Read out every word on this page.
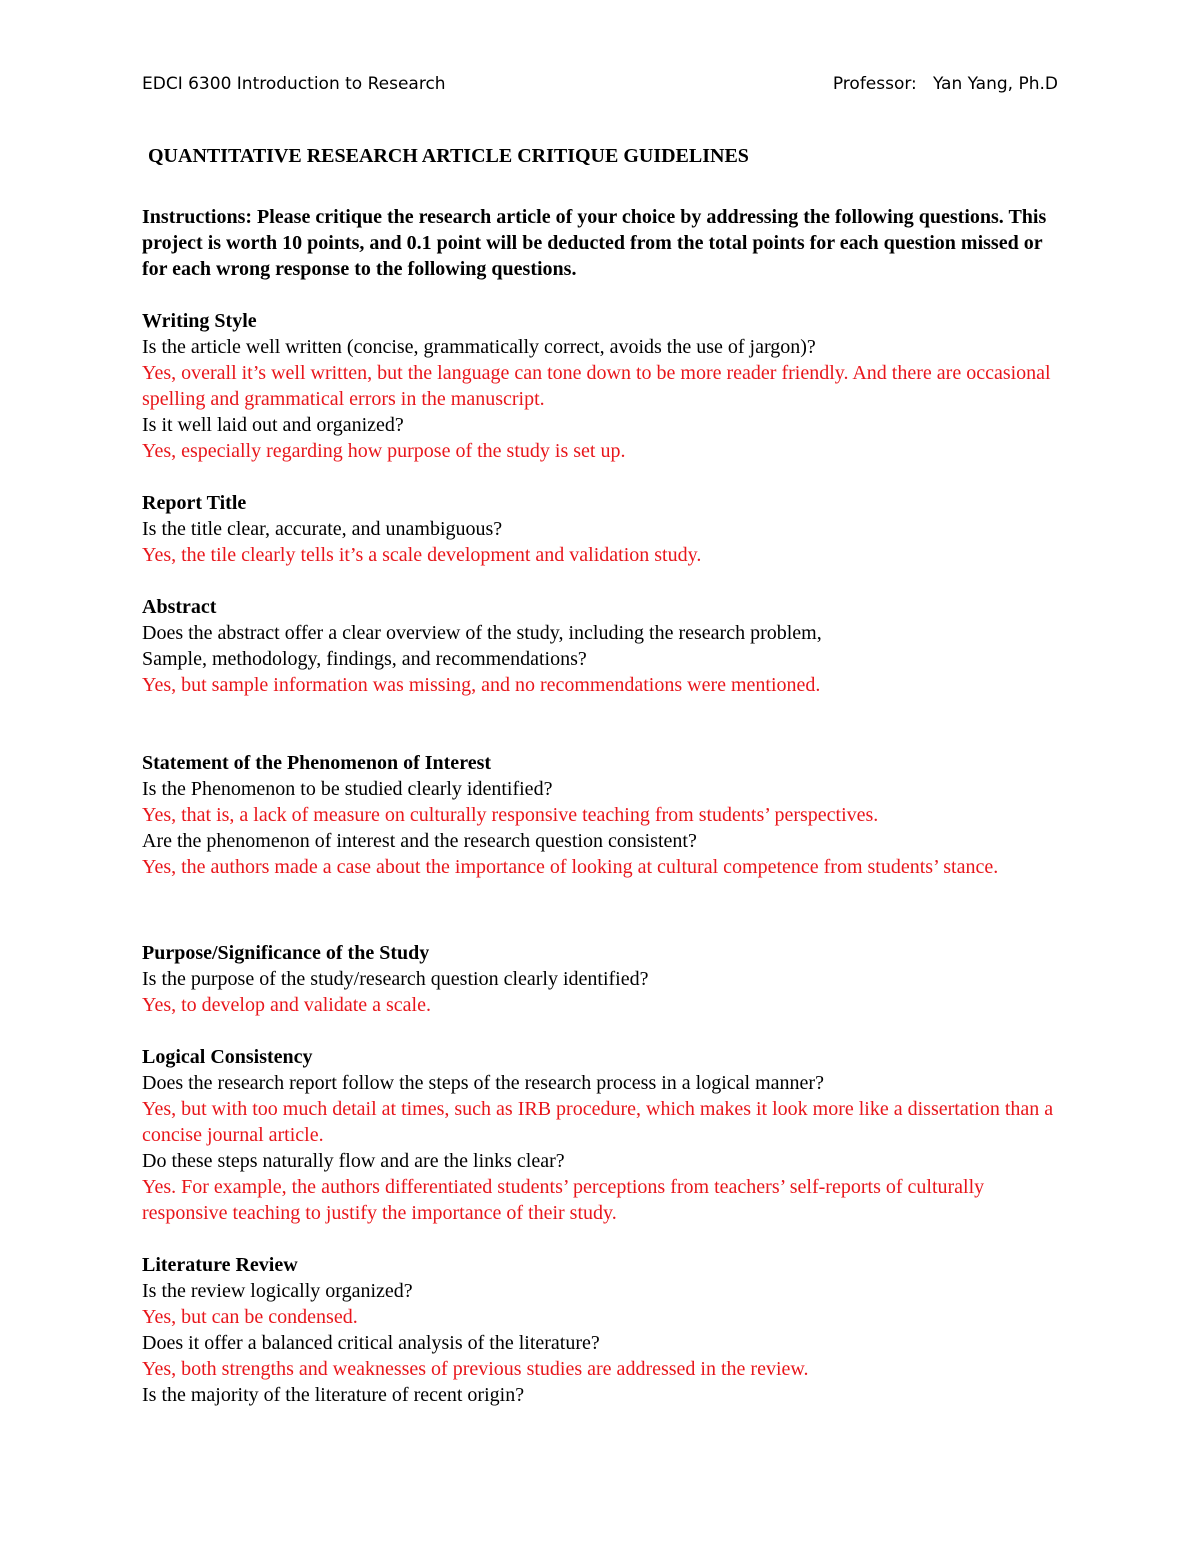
EDCI 6300 Introduction to Research	Professor:   Yan Yang, Ph.D
QUANTITATIVE RESEARCH ARTICLE CRITIQUE GUIDELINES
Instructions: Please critique the research article of your choice by addressing the following questions. This project is worth 10 points, and 0.1 point will be deducted from the total points for each question missed or for each wrong response to the following questions.
Writing Style

Is the article well written (concise, grammatically correct, avoids the use of jargon)?

Yes, overall it’s well written, but the language can tone down to be more reader friendly. And there are occasional spelling and grammatical errors in the manuscript.

Is it well laid out and organized?

Yes, especially regarding how purpose of the study is set up.

Report Title

Is the title clear, accurate, and unambiguous?

Yes, the tile clearly tells it’s a scale development and validation study.

Abstract

Does the abstract offer a clear overview of the study, including the research problem,

Sample, methodology, findings, and recommendations?

Yes, but sample information was missing, and no recommendations were mentioned.

Statement of the Phenomenon of Interest

Is the Phenomenon to be studied clearly identified?

Yes, that is, a lack of measure on culturally responsive teaching from students’ perspectives.

Are the phenomenon of interest and the research question consistent?

Yes, the authors made a case about the importance of looking at cultural competence from students’ stance.

Purpose/Significance of the Study

Is the purpose of the study/research question clearly identified?

Yes, to develop and validate a scale.

Logical Consistency

Does the research report follow the steps of the research process in a logical manner?

Yes, but with too much detail at times, such as IRB procedure, which makes it look more like a dissertation than a concise journal article.

Do these steps naturally flow and are the links clear?

Yes. For example, the authors differentiated students’ perceptions from teachers’ self-reports of culturally responsive teaching to justify the importance of their study.

Literature Review

Is the review logically organized?

Yes, but can be condensed.

Does it offer a balanced critical analysis of the literature?

Yes, both strengths and weaknesses of previous studies are addressed in the review.

Is the majority of the literature of recent origin?
